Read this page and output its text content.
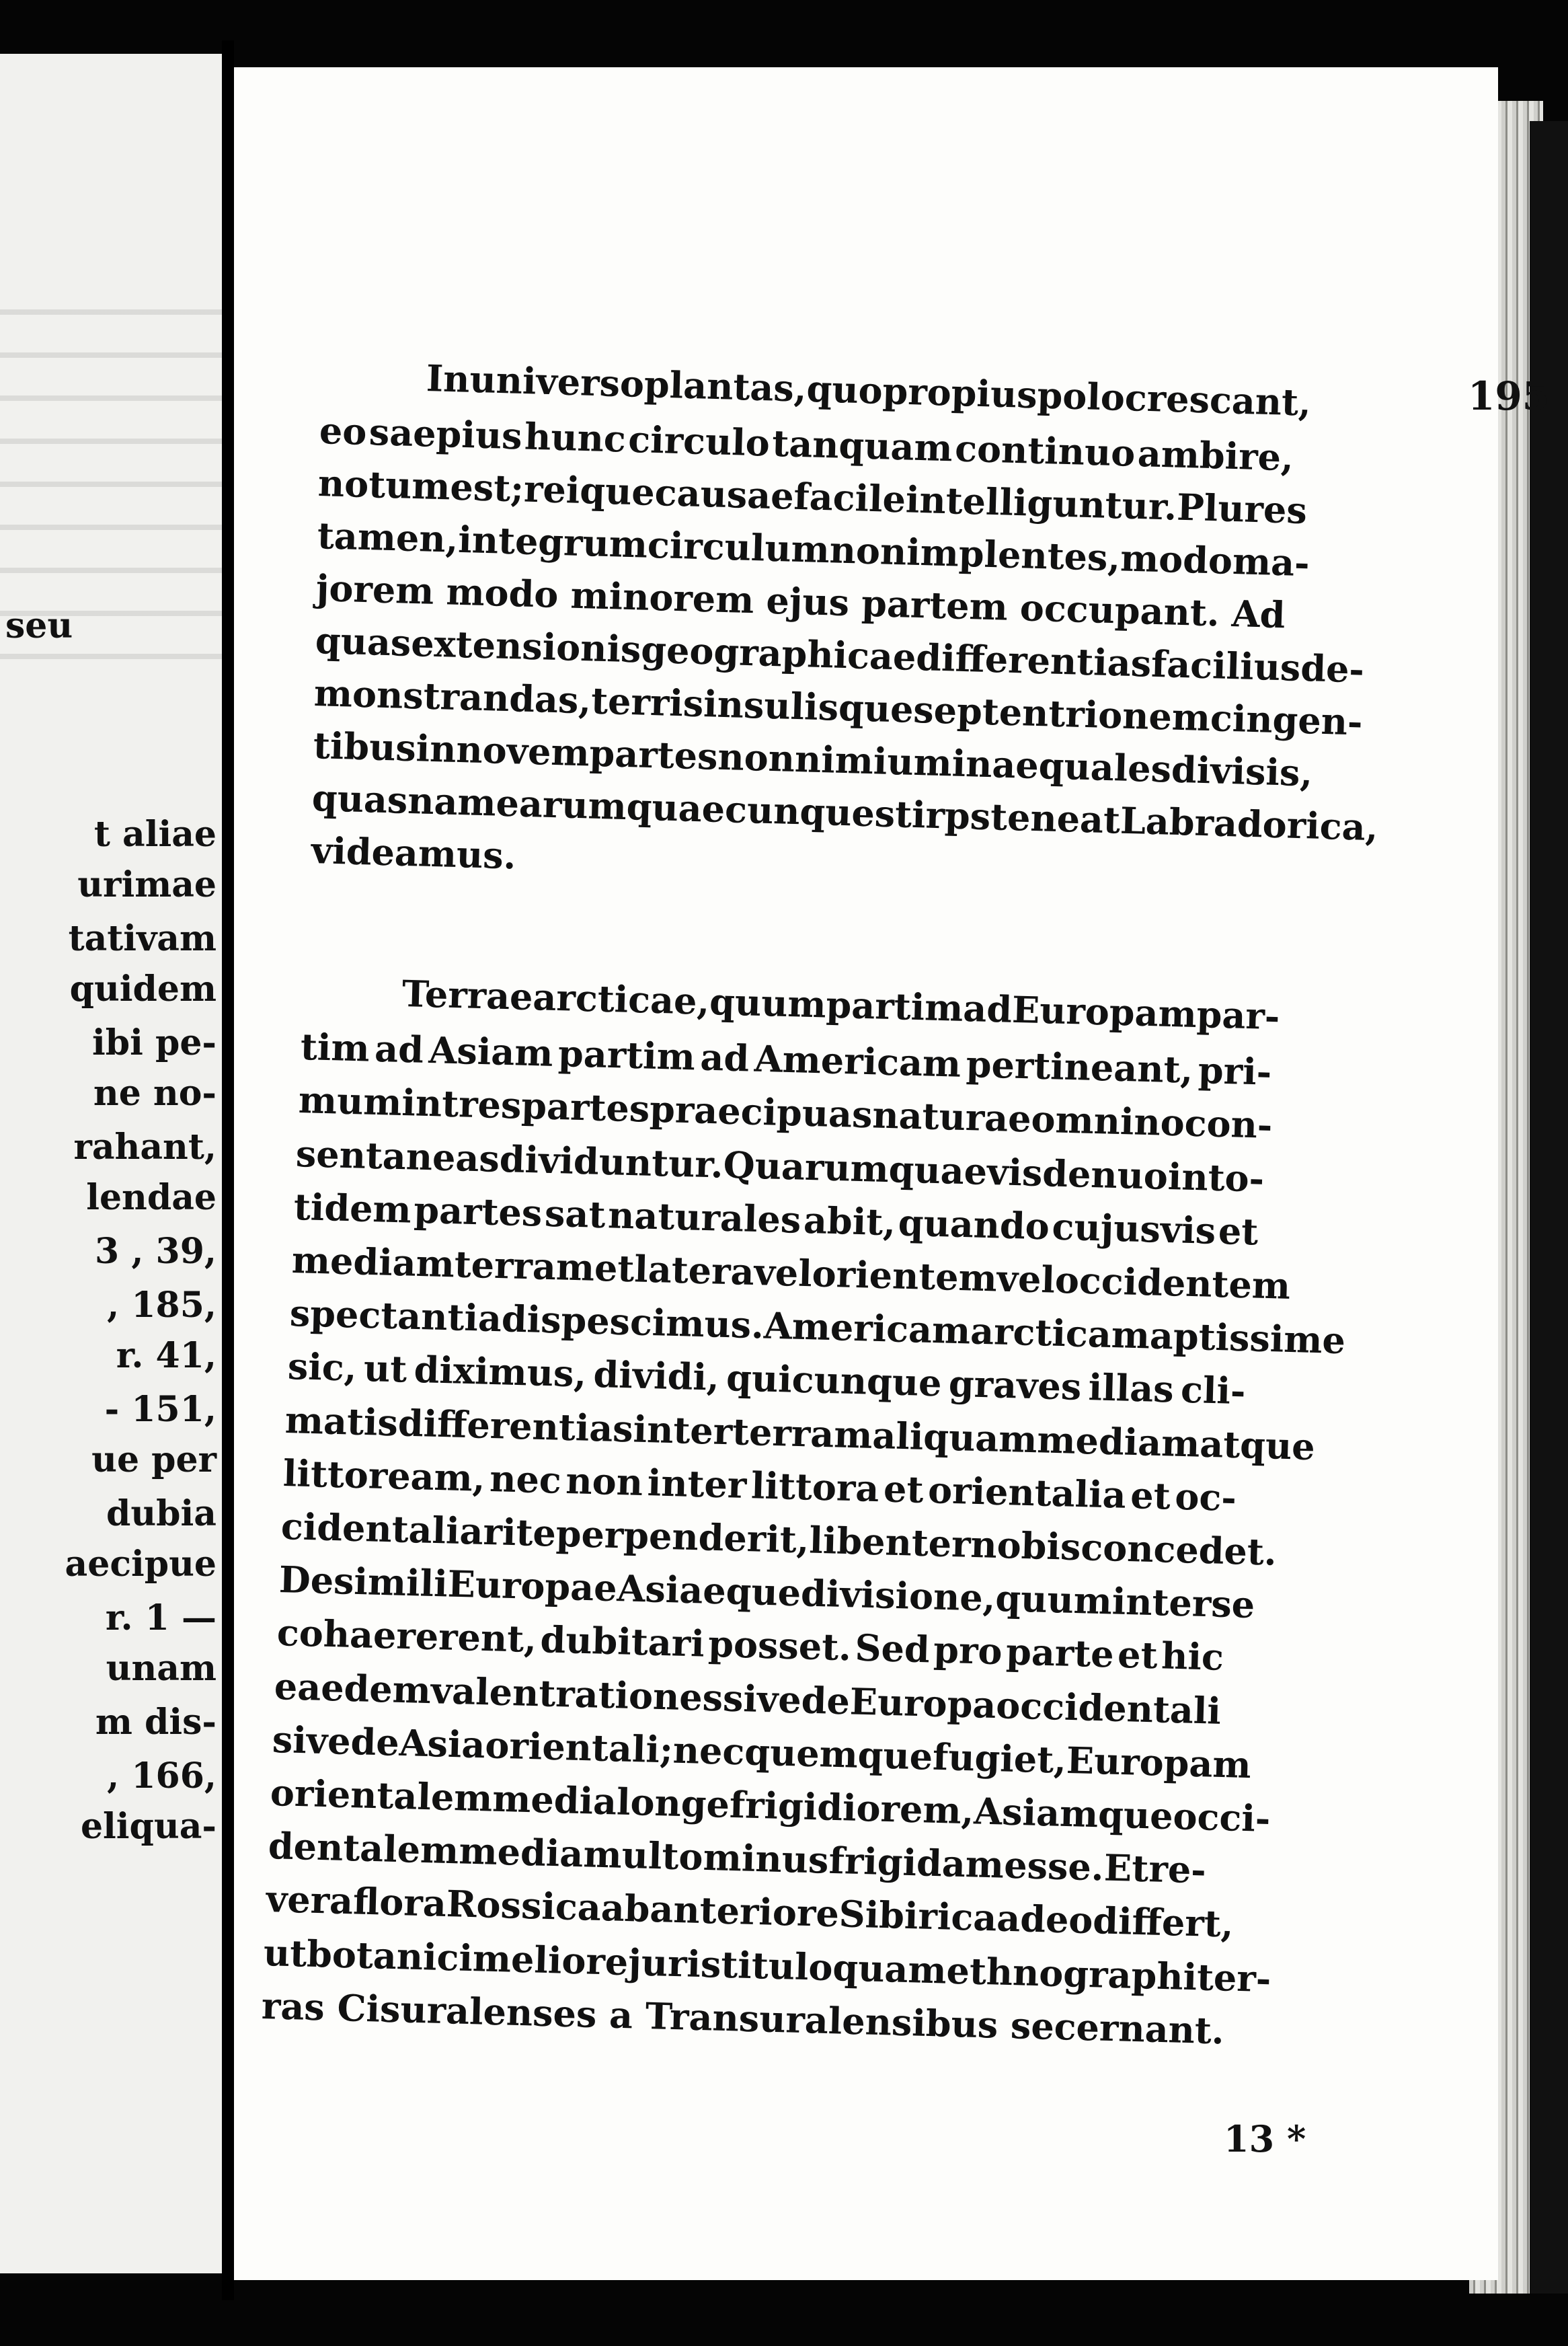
seu
t aliae
urimae
tativam
quidem
ibi pe-
ne no-
rahant,
lendae
3 , 39,
, 185,
r. 41,
- 151,
ue per
dubia
aecipue
r. 1 —
unam
m dis-
, 166,
eliqua-
195
In
universo
plantas,
quo
propius
polo
crescant,
eo saepius hunc circulo tanquam continuo ambire,
notum
est;
reique
causae
facile
intelliguntur.
Plures
tamen,
integrum
circulum
non
implentes,
modo
ma-
jorem modo minorem ejus partem occupant. Ad
quas
extensionis
geographicae
differentias
facilius
de-
monstrandas,
terris
insulisque
septentrionem
cingen-
tibus
in
novem
partes
non
nimium
inaequales
divisis,
quasnam
earum
quaecunque
stirps
teneat
Labradorica,
videamus.
Terrae
arcticae,
quum
partim
ad
Europam
par-
tim ad Asiam partim ad Americam pertineant, pri-
mum
in
tres
partes
praecipuas
naturae
omnino
con-
sentaneas
dividuntur.
Quarum
quaevis
denuo
in
to-
tidem partes sat naturales abit, quando cujusvis et
mediam
terram
et
latera
vel
orientem
vel
occidentem
spectantia
dispescimus.
Americam
arcticam
aptissime
sic, ut diximus, dividi, quicunque graves illas cli-
matis
differentias
inter
terram
aliquam
mediam
atque
littoream, nec non inter littora et orientalia et oc-
cidentalia
rite
perpenderit,
libenter
nobis
concedet.
De
simili
Europae
Asiaeque
divisione,
quum
inter
se
cohaererent, dubitari posset. Sed pro parte et hic
eaedem
valent
rationes
sive
de
Europa
occidentali
sive
de
Asia
orientali;
nec
quemque
fugiet,
Europam
orientalem
media
longe
frigidiorem,
Asiamque
occi-
dentalem
media
multo
minus
frigidam
esse.
Et
re-
vera
flora
Rossica
ab
anteriore
Sibirica
adeo
differt,
ut
botanici
meliore
juris
titulo
quam
ethnographi
ter-
ras Cisuralenses a Transuralensibus secernant.
13 *
